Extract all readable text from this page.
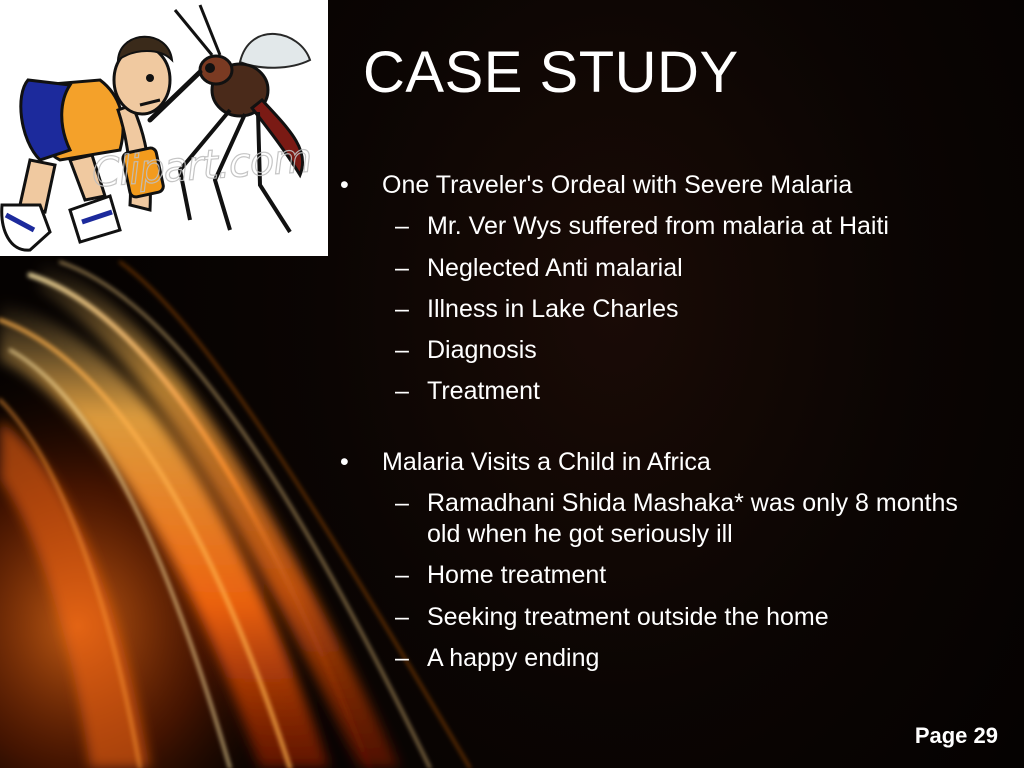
Clipart.com
CASE STUDY
• One Traveler's Ordeal with Severe Malaria
– Mr. Ver Wys suffered from malaria at Haiti
– Neglected Anti malarial
– Illness in Lake Charles
– Diagnosis
– Treatment
• Malaria Visits a Child in Africa
– Ramadhani Shida Mashaka* was only 8 months old when he got seriously ill
– Home treatment
– Seeking treatment outside the home
– A happy ending
Page 29
